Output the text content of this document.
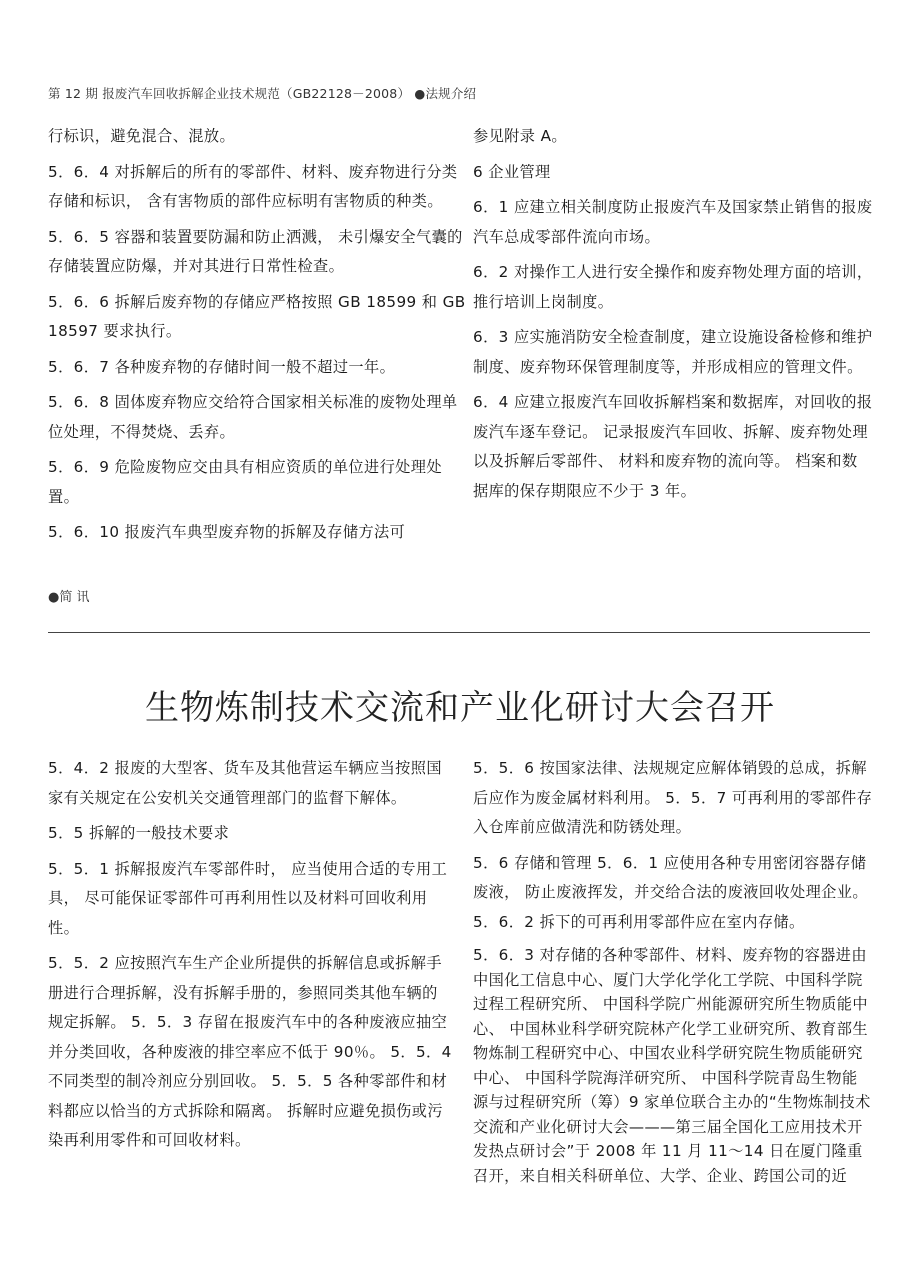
第 12 期 报废汽车回收拆解企业技术规范（GB22128－2008） ●法规介绍

行标识，避免混合、混放。

5．6．4 对拆解后的所有的零部件、材料、废弃物进行分类存储和标识， 含有害物质的部件应标明有害物质的种类。

5．6．5 容器和装置要防漏和防止洒溅， 未引爆安全气囊的存储装置应防爆，并对其进行日常性检查。

5．6．6 拆解后废弃物的存储应严格按照 GB 18599 和 GB 18597 要求执行。

5．6．7 各种废弃物的存储时间一般不超过一年。

5．6．8 固体废弃物应交给符合国家相关标准的废物处理单位处理，不得焚烧、丢弃。

5．6．9 危险废物应交由具有相应资质的单位进行处理处置。

5．6．10 报废汽车典型废弃物的拆解及存储方法可

参见附录 A。

6 企业管理

6．1 应建立相关制度防止报废汽车及国家禁止销售的报废汽车总成零部件流向市场。

6．2 对操作工人进行安全操作和废弃物处理方面的培训，推行培训上岗制度。

6．3 应实施消防安全检查制度，建立设施设备检修和维护制度、废弃物环保管理制度等，并形成相应的管理文件。

6．4 应建立报废汽车回收拆解档案和数据库，对回收的报废汽车逐车登记。 记录报废汽车回收、拆解、废弃物处理以及拆解后零部件、 材料和废弃物的流向等。 档案和数据库的保存期限应不少于 3 年。

●简 讯
生物炼制技术交流和产业化研讨大会召开

5．4．2 报废的大型客、货车及其他营运车辆应当按照国家有关规定在公安机关交通管理部门的监督下解体。

5．5 拆解的一般技术要求

5．5．1 拆解报废汽车零部件时， 应当使用合适的专用工具， 尽可能保证零部件可再利用性以及材料可回收利用性。

5．5．2 应按照汽车生产企业所提供的拆解信息或拆解手册进行合理拆解，没有拆解手册的，参照同类其他车辆的规定拆解。 5．5．3 存留在报废汽车中的各种废液应抽空并分类回收，各种废液的排空率应不低于 90％。 5．5．4 不同类型的制冷剂应分别回收。 5．5．5 各种零部件和材料都应以恰当的方式拆除和隔离。 拆解时应避免损伤或污染再利用零件和可回收材料。

5．5．6 按国家法律、法规规定应解体销毁的总成，拆解后应作为废金属材料利用。 5．5．7 可再利用的零部件存入仓库前应做清洗和防锈处理。

5．6 存储和管理 5．6．1 应使用各种专用密闭容器存储废液， 防止废液挥发，并交给合法的废液回收处理企业。 5．6．2 拆下的可再利用零部件应在室内存储。

5．6．3 对存储的各种零部件、材料、废弃物的容器进由中国化工信息中心、厦门大学化学化工学院、中国科学院过程工程研究所、 中国科学院广州能源研究所生物质能中心、 中国林业科学研究院林产化学工业研究所、教育部生物炼制工程研究中心、中国农业科学研究院生物质能研究中心、 中国科学院海洋研究所、 中国科学院青岛生物能源与过程研究所（筹）9 家单位联合主办的“生物炼制技术交流和产业化研讨大会———第三届全国化工应用技术开发热点研讨会”于 2008 年 11 月 11～14 日在厦门隆重召开，来自相关科研单位、大学、企业、跨国公司的近
